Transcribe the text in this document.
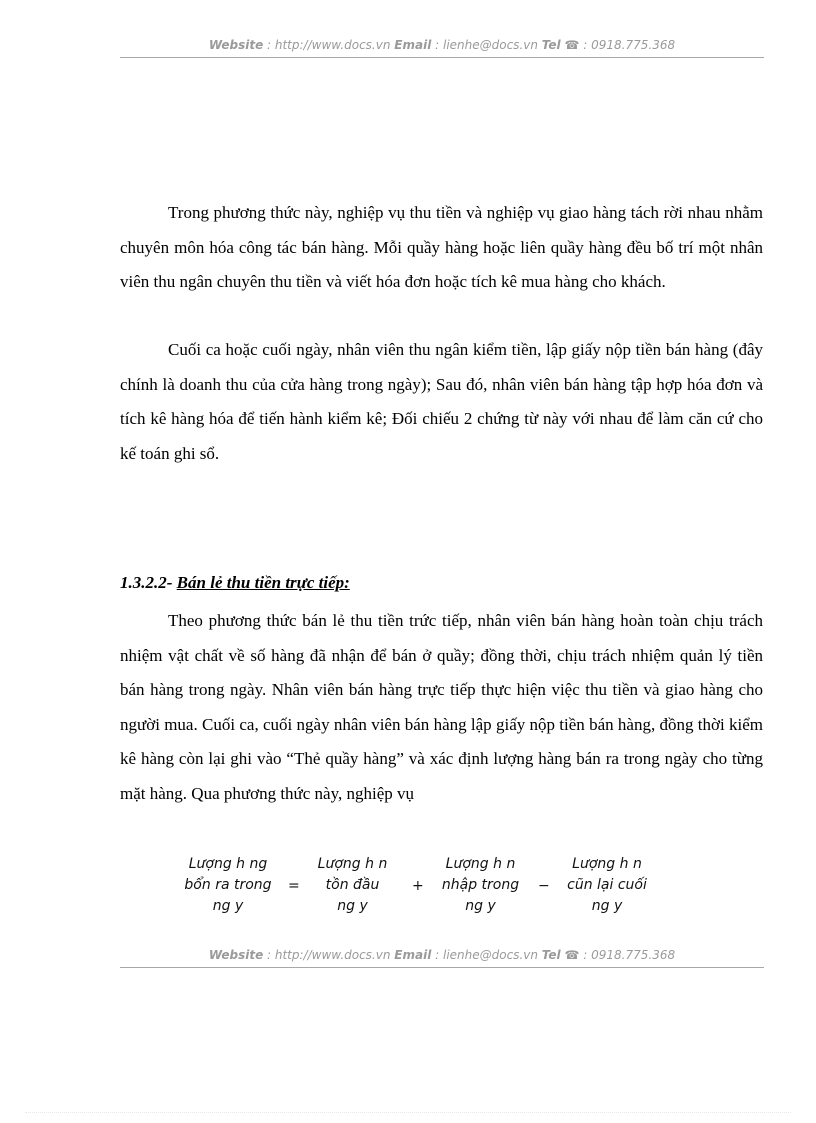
Website : http://www.docs.vn Email : lienhe@docs.vn Tel ☎ : 0918.775.368

Trong phương thức này, nghiệp vụ thu tiền và nghiệp vụ giao hàng tách rời nhau nhằm chuyên môn hóa công tác bán hàng. Mỗi quầy hàng hoặc liên quầy hàng đều bố trí một nhân viên thu ngân chuyên thu tiền và viết hóa đơn hoặc tích kê mua hàng cho khách.

Cuối ca hoặc cuối ngày, nhân viên thu ngân kiểm tiền, lập giấy nộp tiền bán hàng (đây chính là doanh thu của cửa hàng trong ngày); Sau đó, nhân viên bán hàng tập hợp hóa đơn và tích kê hàng hóa để tiến hành kiểm kê; Đối chiếu 2 chứng từ này với nhau để làm căn cứ cho kế toán ghi sổ.

1.3.2.2- Bán lẻ thu tiền trực tiếp:

Theo phương thức bán lẻ thu tiền trức tiếp, nhân viên bán hàng hoàn toàn chịu trách nhiệm vật chất về số hàng đã nhận để bán ở quầy; đồng thời, chịu trách nhiệm quản lý tiền bán hàng trong ngày. Nhân viên bán hàng trực tiếp thực hiện việc thu tiền và giao hàng cho người mua. Cuối ca, cuối ngày nhân viên bán hàng lập giấy nộp tiền bán hàng, đồng thời kiểm kê hàng còn lại ghi vào “Thẻ quầy hàng” và xác định lượng hàng bán ra trong ngày cho từng mặt hàng. Qua phương thức này, nghiệp vụ

Lượng h ng
bổn ra trong
ng y
=
Lượng h n
tồn đầu
ng y
+
Lượng h n
nhập trong
ng y
−
Lượng h n
cũn lại cuối
ng y
Website : http://www.docs.vn Email : lienhe@docs.vn Tel ☎ : 0918.775.368
